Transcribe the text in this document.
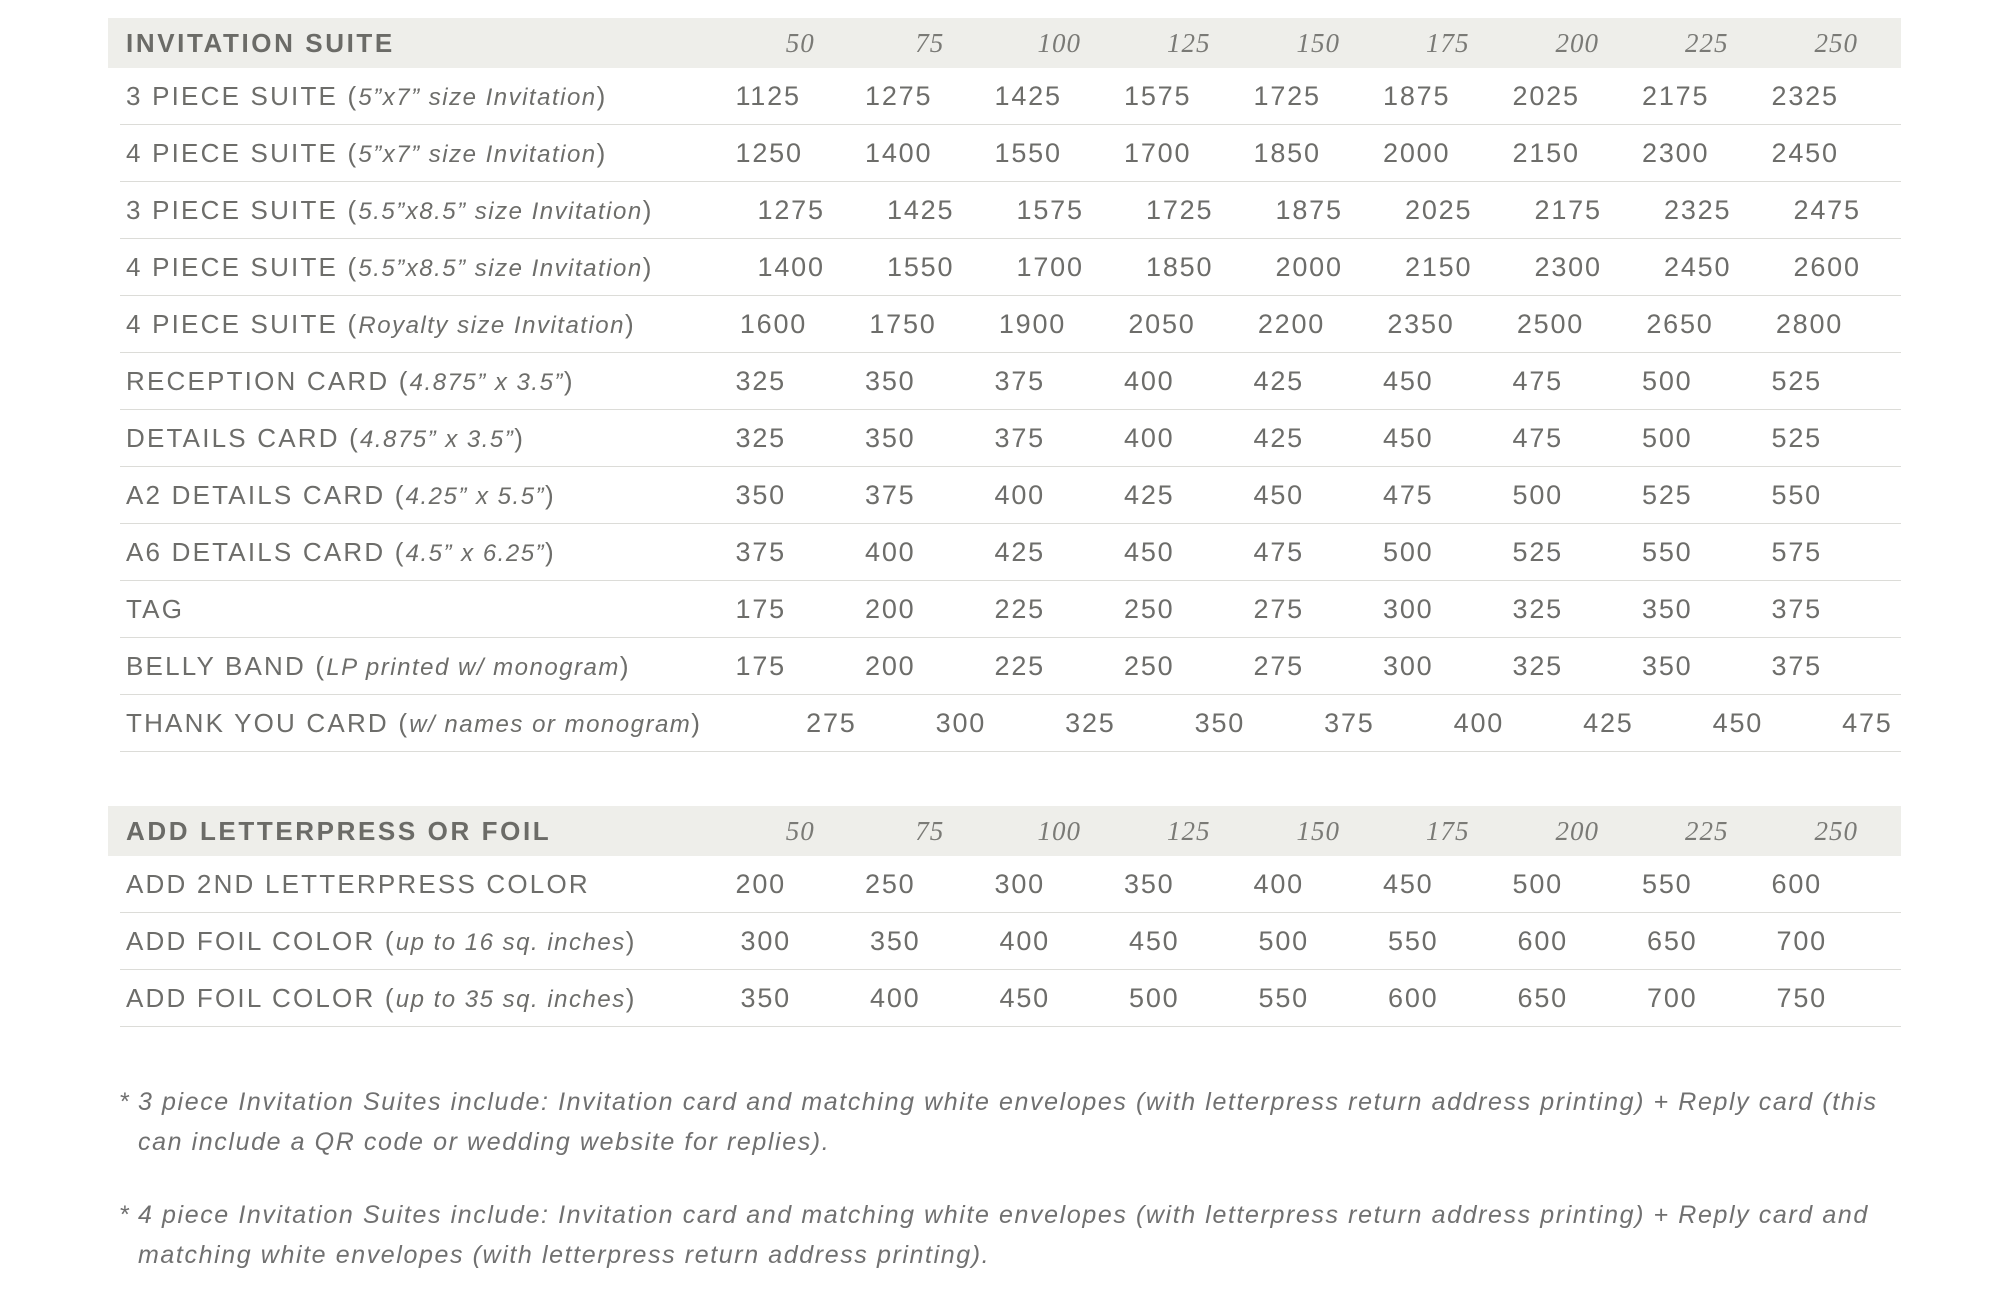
INVITATION SUITE	50	75	100	125	150	175	200	225	250
3 PIECE SUITE (5”x7” size Invitation)	1125	1275	1425	1575	1725	1875	2025	2175	2325
4 PIECE SUITE (5”x7” size Invitation)	1250	1400	1550	1700	1850	2000	2150	2300	2450
3 PIECE SUITE (5.5”x8.5” size Invitation)	1275	1425	1575	1725	1875	2025	2175	2325	2475
4 PIECE SUITE (5.5”x8.5” size Invitation)	1400	1550	1700	1850	2000	2150	2300	2450	2600
4 PIECE SUITE (Royalty size Invitation)	1600	1750	1900	2050	2200	2350	2500	2650	2800
RECEPTION CARD (4.875” x 3.5”)	325	350	375	400	425	450	475	500	525
DETAILS CARD (4.875” x 3.5”)	325	350	375	400	425	450	475	500	525
A2 DETAILS CARD (4.25” x 5.5”)	350	375	400	425	450	475	500	525	550
A6 DETAILS CARD (4.5” x 6.25”)	375	400	425	450	475	500	525	550	575
TAG	175	200	225	250	275	300	325	350	375
BELLY BAND (LP printed w/ monogram)	175	200	225	250	275	300	325	350	375
THANK YOU CARD (w/ names or monogram)	275	300	325	350	375	400	425	450	475
ADD LETTERPRESS OR FOIL	50	75	100	125	150	175	200	225	250
ADD 2ND LETTERPRESS COLOR	200	250	300	350	400	450	500	550	600
ADD FOIL COLOR (up to 16 sq. inches)	300	350	400	450	500	550	600	650	700
ADD FOIL COLOR (up to 35 sq. inches)	350	400	450	500	550	600	650	700	750
* 3 piece Invitation Suites include: Invitation card and matching white envelopes (with letterpress return address printing) + Reply card (this can include a QR code or wedding website for replies).
* 4 piece Invitation Suites include: Invitation card and matching white envelopes (with letterpress return address printing) + Reply card and matching white envelopes (with letterpress return address printing).
